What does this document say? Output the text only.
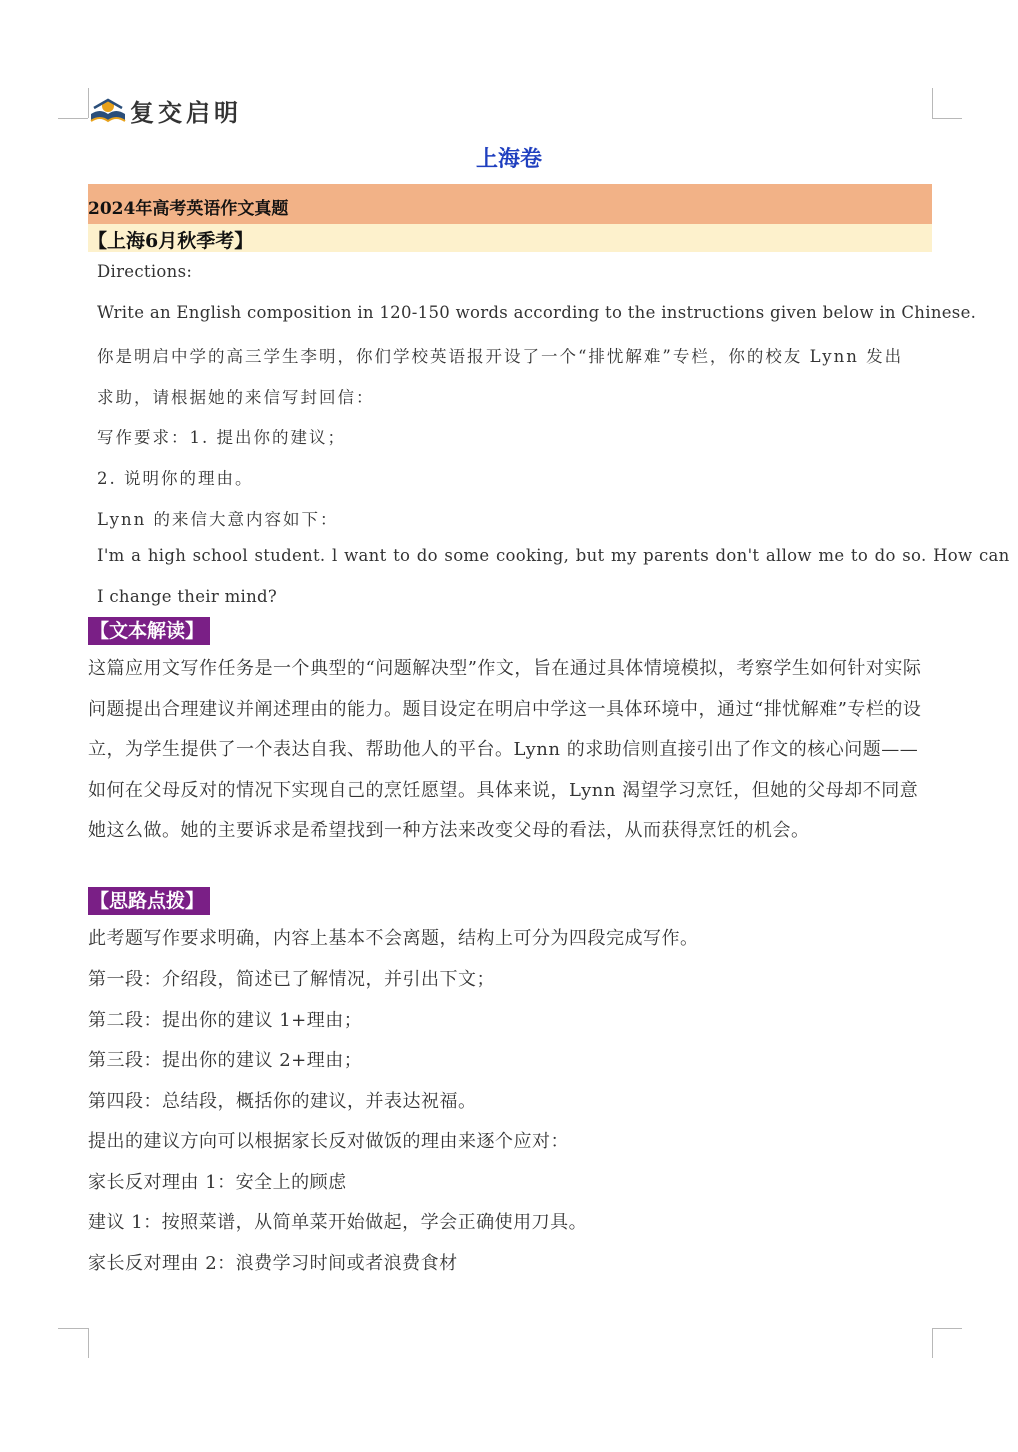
复交启明
上海卷
2024年高考英语作文真题
【上海6月秋季考】
Directions:
Write an English composition in 120-150 words according to the instructions given below in Chinese.
你是明启中学的高三学生李明，你们学校英语报开设了一个“排忧解难”专栏，你的校友 Lynn 发出
求助，请根据她的来信写封回信：
写作要求：1. 提出你的建议；
2. 说明你的理由。
Lynn 的来信大意内容如下：
I'm a high school student. l want to do some cooking, but my parents don't allow me to do so. How can
I change their mind?
【文本解读】
这篇应用文写作任务是一个典型的“问题解决型”作文，旨在通过具体情境模拟，考察学生如何针对实际
问题提出合理建议并阐述理由的能力。题目设定在明启中学这一具体环境中，通过“排忧解难”专栏的设
立，为学生提供了一个表达自我、帮助他人的平台。Lynn 的求助信则直接引出了作文的核心问题——
如何在父母反对的情况下实现自己的烹饪愿望。具体来说，Lynn 渴望学习烹饪，但她的父母却不同意
她这么做。她的主要诉求是希望找到一种方法来改变父母的看法，从而获得烹饪的机会。
【思路点拨】
此考题写作要求明确，内容上基本不会离题，结构上可分为四段完成写作。
第一段：介绍段，简述已了解情况，并引出下文；
第二段：提出你的建议 1+理由；
第三段：提出你的建议 2+理由；
第四段：总结段，概括你的建议，并表达祝福。
提出的建议方向可以根据家长反对做饭的理由来逐个应对：
家长反对理由 1：安全上的顾虑
建议 1：按照菜谱，从简单菜开始做起，学会正确使用刀具。
家长反对理由 2：浪费学习时间或者浪费食材
